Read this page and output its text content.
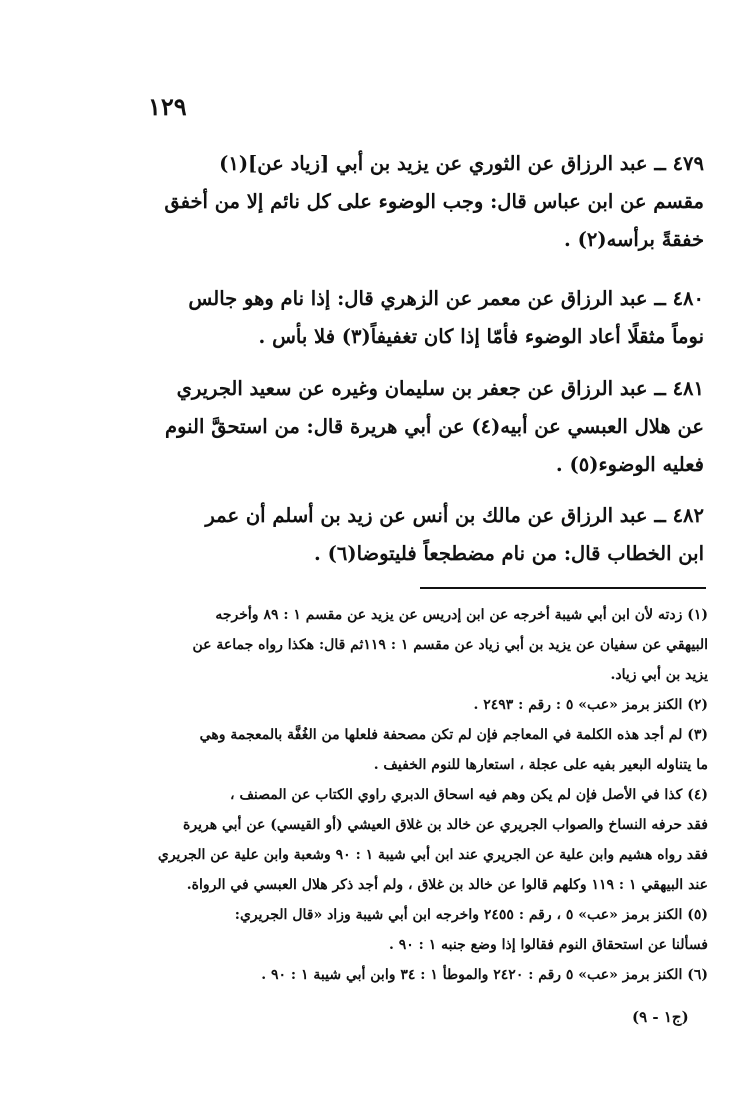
١٢٩
٤٧٩ ــ عبد الرزاق عن الثوري عن يزيد بن أبي [زياد عن](١)
مقسم عن ابن عباس قال: وجب الوضوء على كل نائم إلا من أخفق
خفقةً برأسه(٢) .
٤٨٠ ــ عبد الرزاق عن معمر عن الزهري قال: إذا نام وهو جالس
نوماً مثقلًا أعاد الوضوء فأمّا إذا كان تغفيفاً(٣) فلا بأس .
٤٨١ ــ عبد الرزاق عن جعفر بن سليمان وغيره عن سعيد الجريري
عن هلال العبسي عن أبيه(٤) عن أبي هريرة قال: من استحقَّ النوم
فعليه الوضوء(٥) .
٤٨٢ ــ عبد الرزاق عن مالك بن أنس عن زيد بن أسلم أن عمر
ابن الخطاب قال: من نام مضطجعاً فليتوضا(٦) .
(١) زدته لأن ابن أبي شيبة أخرجه عن ابن إدريس عن يزيد عن مقسم ١ : ٨٩ وأخرجه
البيهقي عن سفيان عن يزيد بن أبي زياد عن مقسم ١ : ١١٩ثم قال: هكذا رواه جماعة عن
يزيد بن أبي زياد.
(٢) الكنز برمز «عب» ٥ : رقم : ٢٤٩٣ .
(٣) لم أجد هذه الكلمة في المعاجم فإن لم تكن مصحفة فلعلها من الغُفَّة بالمعجمة وهي
ما يتناوله البعير بفيه على عجلة ، استعارها للنوم الخفيف .
(٤) كذا في الأصل فإن لم يكن وهم فيه اسحاق الدبري راوي الكتاب عن المصنف ،
فقد حرفه النساخ والصواب الجريري عن خالد بن غلاق العيشي (أو القيسي) عن أبي هريرة
فقد رواه هشيم وابن علية عن الجريري عند ابن أبي شيبة ١ : ٩٠ وشعبة وابن علية عن الجريري
عند البيهقي ١ : ١١٩ وكلهم قالوا عن خالد بن غلاق ، ولم أجد ذكر هلال العبسي في الرواة.
(٥) الكنز برمز «عب» ٥ ، رقم : ٢٤٥٥ واخرجه ابن أبي شيبة وزاد «قال الجريري:
فسألنا عن استحقاق النوم فقالوا إذا وضع جنبه ١ : ٩٠ .
(٦) الكنز برمز «عب» ٥ رقم : ٢٤٢٠ والموطأ ١ : ٣٤ وابن أبي شيبة ١ : ٩٠ .
(ج١ - ٩)
